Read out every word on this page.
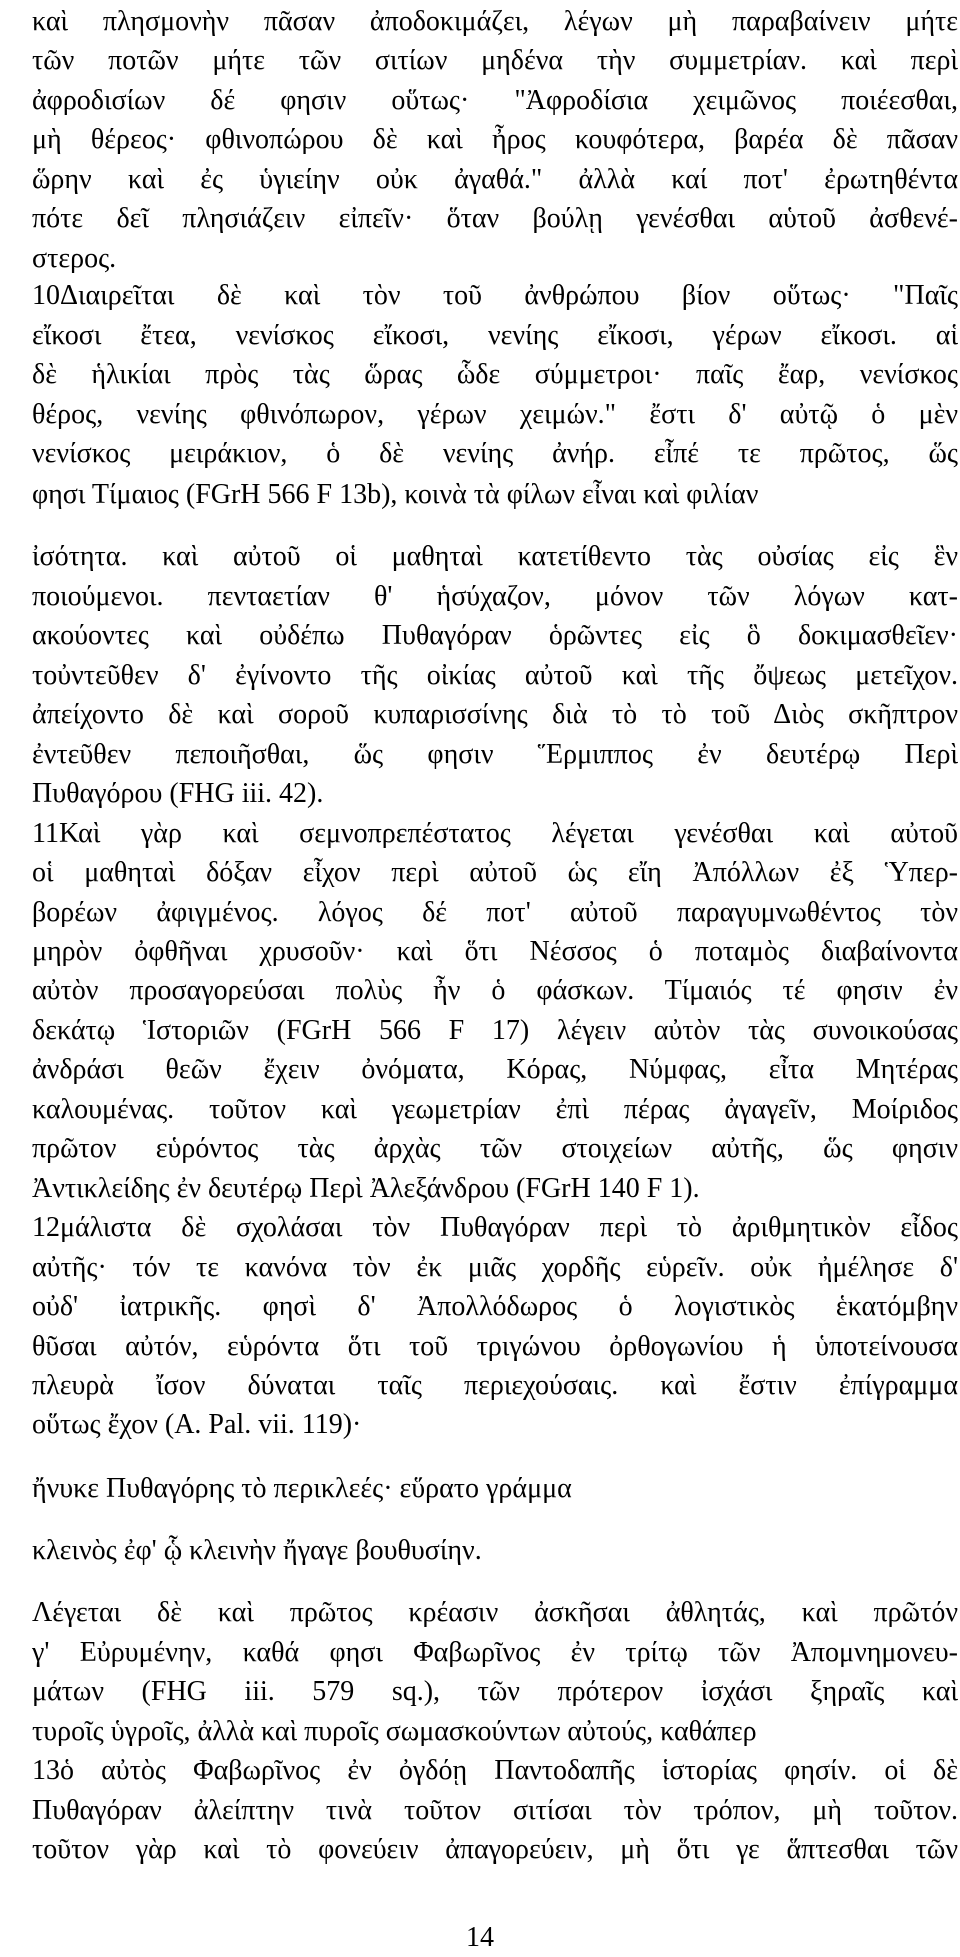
καὶ πλησμονὴν πᾶσαν ἀποδοκιμάζει, λέγων μὴ παραβαίνειν μήτε
τῶν ποτῶν μήτε τῶν σιτίων μηδένα τὴν συμμετρίαν. καὶ περὶ
ἀφροδισίων δέ φησιν οὕτως· "Ἀφροδίσια χειμῶνος ποιέεσθαι,
μὴ θέρεος· φθινοπώρου δὲ καὶ ἦρος κουφότερα, βαρέα δὲ πᾶσαν
ὥρην καὶ ἐς ὑγιείην οὐκ ἀγαθά." ἀλλὰ καί ποτ' ἐρωτηθέντα
πότε δεῖ πλησιάζειν εἰπεῖν· ὅταν βούλῃ γενέσθαι αὑτοῦ ἀσθενέ-
στερος.
10Διαιρεῖται δὲ καὶ τὸν τοῦ ἀνθρώπου βίον οὕτως· "Παῖς
εἴκοσι ἔτεα, νενίσκος εἴκοσι, νενίης εἴκοσι, γέρων εἴκοσι. αἱ
δὲ ἡλικίαι πρὸς τὰς ὥρας ὧδε σύμμετροι· παῖς ἔαρ, νενίσκος
θέρος, νενίης φθινόπωρον, γέρων χειμών." ἔστι δ' αὐτῷ ὁ μὲν
νενίσκος μειράκιον, ὁ δὲ νενίης ἀνήρ. εἶπέ τε πρῶτος, ὥς
φησι Τίμαιος (FGrH 566 F 13b), κοινὰ τὰ φίλων εἶναι καὶ φιλίαν
ἰσότητα. καὶ αὐτοῦ οἱ μαθηταὶ κατετίθεντο τὰς οὐσίας εἰς ἓν
ποιούμενοι. πενταετίαν θ' ἡσύχαζον, μόνον τῶν λόγων κατ-
ακούοντες καὶ οὐδέπω Πυθαγόραν ὁρῶντες εἰς ὃ δοκιμασθεῖεν·
τοὐντεῦθεν δ' ἐγίνοντο τῆς οἰκίας αὐτοῦ καὶ τῆς ὄψεως μετεῖχον.
ἀπείχοντο δὲ καὶ σοροῦ κυπαρισσίνης διὰ τὸ τὸ τοῦ Διὸς σκῆπτρον
ἐντεῦθεν πεποιῆσθαι, ὥς φησιν Ἕρμιππος ἐν δευτέρῳ Περὶ
Πυθαγόρου (FHG iii. 42).
11Καὶ γὰρ καὶ σεμνοπρεπέστατος λέγεται γενέσθαι καὶ αὐτοῦ
οἱ μαθηταὶ δόξαν εἶχον περὶ αὐτοῦ ὡς εἴη Ἀπόλλων ἐξ Ὑπερ-
βορέων ἀφιγμένος. λόγος δέ ποτ' αὐτοῦ παραγυμνωθέντος τὸν
μηρὸν ὀφθῆναι χρυσοῦν· καὶ ὅτι Νέσσος ὁ ποταμὸς διαβαίνοντα
αὐτὸν προσαγορεύσαι πολὺς ἦν ὁ φάσκων. Τίμαιός τέ φησιν ἐν
δεκάτῳ Ἱστοριῶν (FGrH 566 F 17) λέγειν αὐτὸν τὰς συνοικούσας
ἀνδράσι θεῶν ἔχειν ὀνόματα, Κόρας, Νύμφας, εἶτα Μητέρας
καλουμένας. τοῦτον καὶ γεωμετρίαν ἐπὶ πέρας ἀγαγεῖν, Μοίριδος
πρῶτον εὑρόντος τὰς ἀρχὰς τῶν στοιχείων αὐτῆς, ὥς φησιν
Ἀντικλείδης ἐν δευτέρῳ Περὶ Ἀλεξάνδρου (FGrH 140 F 1).
12μάλιστα δὲ σχολάσαι τὸν Πυθαγόραν περὶ τὸ ἀριθμητικὸν εἶδος
αὐτῆς· τόν τε κανόνα τὸν ἐκ μιᾶς χορδῆς εὑρεῖν. οὐκ ἠμέλησε δ'
οὐδ' ἰατρικῆς. φησὶ δ' Ἀπολλόδωρος ὁ λογιστικὸς ἑκατόμβην
θῦσαι αὐτόν, εὑρόντα ὅτι τοῦ τριγώνου ὀρθογωνίου ἡ ὑποτείνουσα
πλευρὰ ἴσον δύναται ταῖς περιεχούσαις. καὶ ἔστιν ἐπίγραμμα
οὕτως ἔχον (A. Pal. vii. 119)·
ἤνυκε Πυθαγόρης τὸ περικλεές· εὕρατο γράμμα
κλεινὸς ἐφ' ᾧ κλεινὴν ἤγαγε βουθυσίην.
Λέγεται δὲ καὶ πρῶτος κρέασιν ἀσκῆσαι ἀθλητάς, καὶ πρῶτόν
γ' Εὐρυμένην, καθά φησι Φαβωρῖνος ἐν τρίτῳ τῶν Ἀπομνημονευ-
μάτων (FHG iii. 579 sq.), τῶν πρότερον ἰσχάσι ξηραῖς καὶ
τυροῖς ὑγροῖς, ἀλλὰ καὶ πυροῖς σωμασκούντων αὐτούς, καθάπερ
13ὁ αὐτὸς Φαβωρῖνος ἐν ὀγδόῃ Παντοδαπῆς ἱστορίας φησίν. οἱ δὲ
Πυθαγόραν ἀλείπτην τινὰ τοῦτον σιτίσαι τὸν τρόπον, μὴ τοῦτον.
τοῦτον γὰρ καὶ τὸ φονεύειν ἀπαγορεύειν, μὴ ὅτι γε ἅπτεσθαι τῶν
14
